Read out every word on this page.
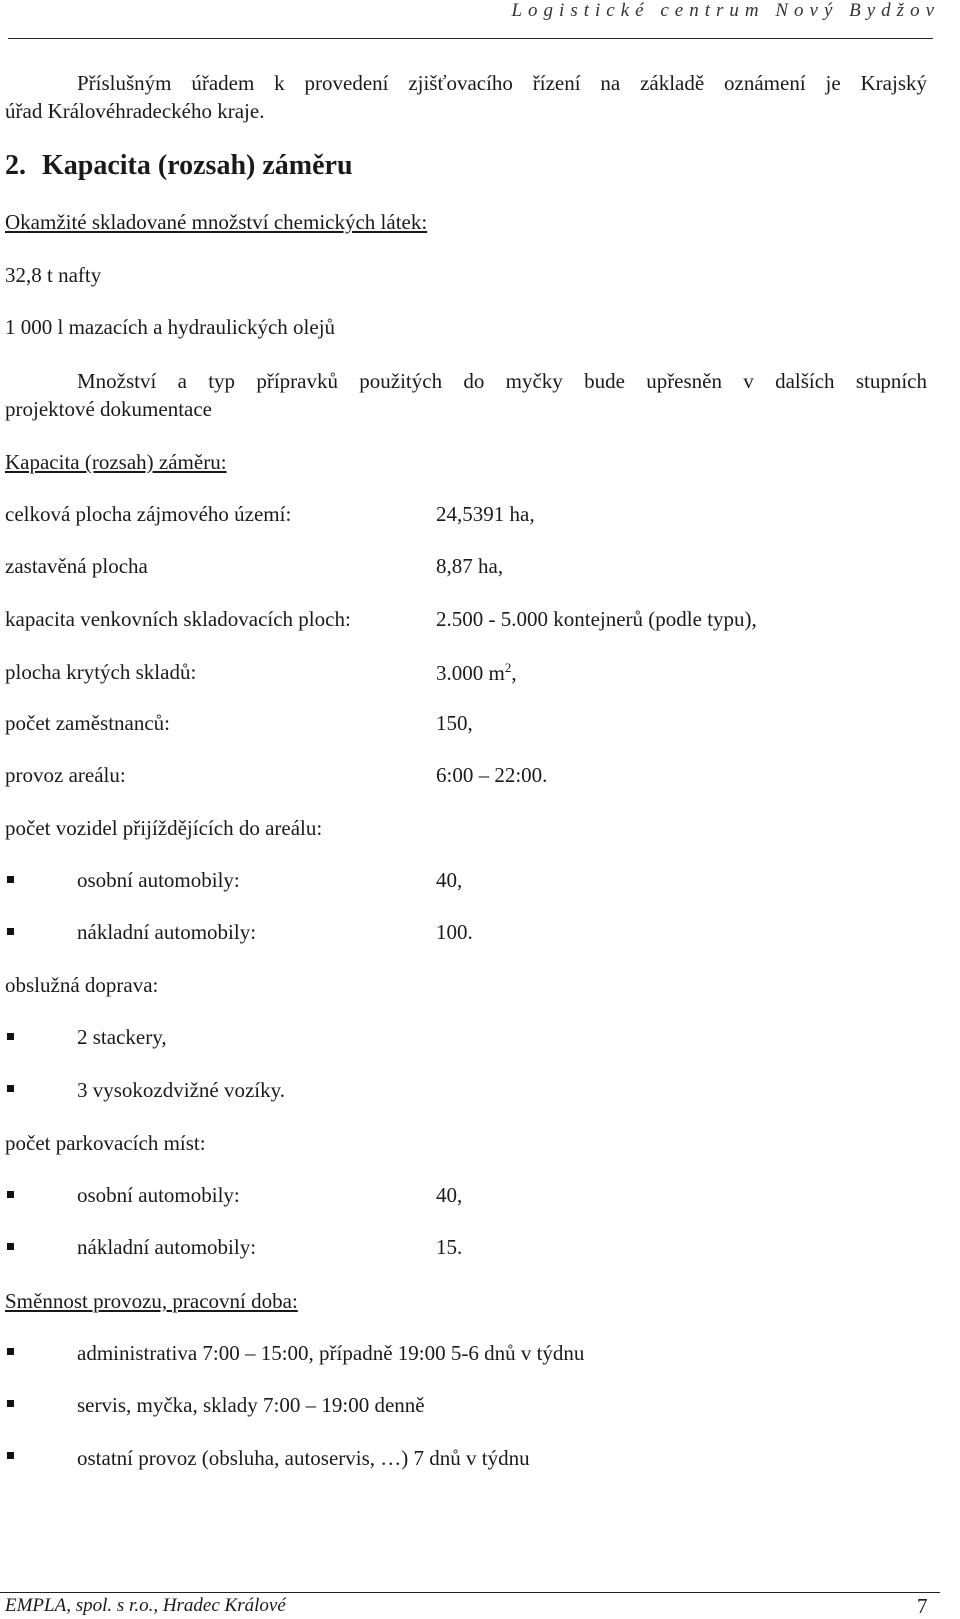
Logistické centrum Nový Bydžov
Příslušným úřadem k provedení zjišťovacího řízení na základě oznámení je Krajský
úřad Královéhradeckého kraje.
2. Kapacita (rozsah) záměru
Okamžité skladované množství chemických látek:
32,8 t nafty
1 000 l mazacích a hydraulických olejů
Množství a typ přípravků použitých do myčky bude upřesněn v dalších stupních
projektové dokumentace
Kapacita (rozsah) záměru:
celková plocha zájmového území:	24,5391 ha,
zastavěná plocha	8,87 ha,
kapacita venkovních skladovacích ploch:	2.500 - 5.000 kontejnerů (podle typu),
plocha krytých skladů:	3.000 $m^2$,
počet zaměstnanců:	150,
provoz areálu:	6:00 – 22:00.
počet vozidel přijíždějících do areálu:
osobní automobily:	40,
nákladní automobily:	100.
obslužná doprava:
2 stackery,
3 vysokozdvižné vozíky.
počet parkovacích míst:
osobní automobily:	40,
nákladní automobily:	15.
Směnnost provozu, pracovní doba:
administrativa 7:00 – 15:00, případně 19:00 5-6 dnů v týdnu
servis, myčka, sklady 7:00 – 19:00 denně
ostatní provoz (obsluha, autoservis, …) 7 dnů v týdnu
EMPLA, spol. s r.o., Hradec Králové	7
